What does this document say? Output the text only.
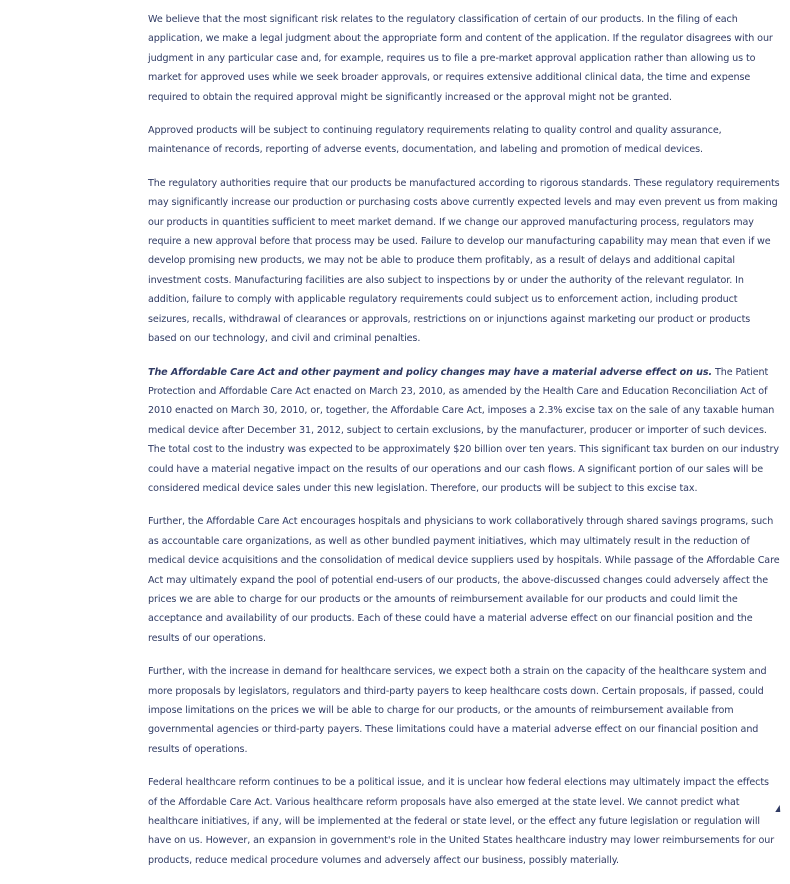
We believe that the most significant risk relates to the regulatory classification of certain of our products. In the filing of each application, we make a legal judgment about the appropriate form and content of the application. If the regulator disagrees with our judgment in any particular case and, for example, requires us to file a pre-market approval application rather than allowing us to market for approved uses while we seek broader approvals, or requires extensive additional clinical data, the time and expense required to obtain the required approval might be significantly increased or the approval might not be granted.

Approved products will be subject to continuing regulatory requirements relating to quality control and quality assurance, maintenance of records, reporting of adverse events, documentation, and labeling and promotion of medical devices.

The regulatory authorities require that our products be manufactured according to rigorous standards. These regulatory requirements may significantly increase our production or purchasing costs above currently expected levels and may even prevent us from making our products in quantities sufficient to meet market demand. If we change our approved manufacturing process, regulators may require a new approval before that process may be used. Failure to develop our manufacturing capability may mean that even if we develop promising new products, we may not be able to produce them profitably, as a result of delays and additional capital investment costs. Manufacturing facilities are also subject to inspections by or under the authority of the relevant regulator. In addition, failure to comply with applicable regulatory requirements could subject us to enforcement action, including product seizures, recalls, withdrawal of clearances or approvals, restrictions on or injunctions against marketing our product or products based on our technology, and civil and criminal penalties.

The Affordable Care Act and other payment and policy changes may have a material adverse effect on us. The Patient Protection and Affordable Care Act enacted on March 23, 2010, as amended by the Health Care and Education Reconciliation Act of 2010 enacted on March 30, 2010, or, together, the Affordable Care Act, imposes a 2.3% excise tax on the sale of any taxable human medical device after December 31, 2012, subject to certain exclusions, by the manufacturer, producer or importer of such devices. The total cost to the industry was expected to be approximately $20 billion over ten years. This significant tax burden on our industry could have a material negative impact on the results of our operations and our cash flows. A significant portion of our sales will be considered medical device sales under this new legislation. Therefore, our products will be subject to this excise tax.

Further, the Affordable Care Act encourages hospitals and physicians to work collaboratively through shared savings programs, such as accountable care organizations, as well as other bundled payment initiatives, which may ultimately result in the reduction of medical device acquisitions and the consolidation of medical device suppliers used by hospitals. While passage of the Affordable Care Act may ultimately expand the pool of potential end-users of our products, the above-discussed changes could adversely affect the prices we are able to charge for our products or the amounts of reimbursement available for our products and could limit the acceptance and availability of our products. Each of these could have a material adverse effect on our financial position and the results of our operations.

Further, with the increase in demand for healthcare services, we expect both a strain on the capacity of the healthcare system and more proposals by legislators, regulators and third-party payers to keep healthcare costs down. Certain proposals, if passed, could impose limitations on the prices we will be able to charge for our products, or the amounts of reimbursement available from governmental agencies or third-party payers. These limitations could have a material adverse effect on our financial position and results of operations.

Federal healthcare reform continues to be a political issue, and it is unclear how federal elections may ultimately impact the effects of the Affordable Care Act. Various healthcare reform proposals have also emerged at the state level. We cannot predict what healthcare initiatives, if any, will be implemented at the federal or state level, or the effect any future legislation or regulation will have on us. However, an expansion in government's role in the United States healthcare industry may lower reimbursements for our products, reduce medical procedure volumes and adversely affect our business, possibly materially.
